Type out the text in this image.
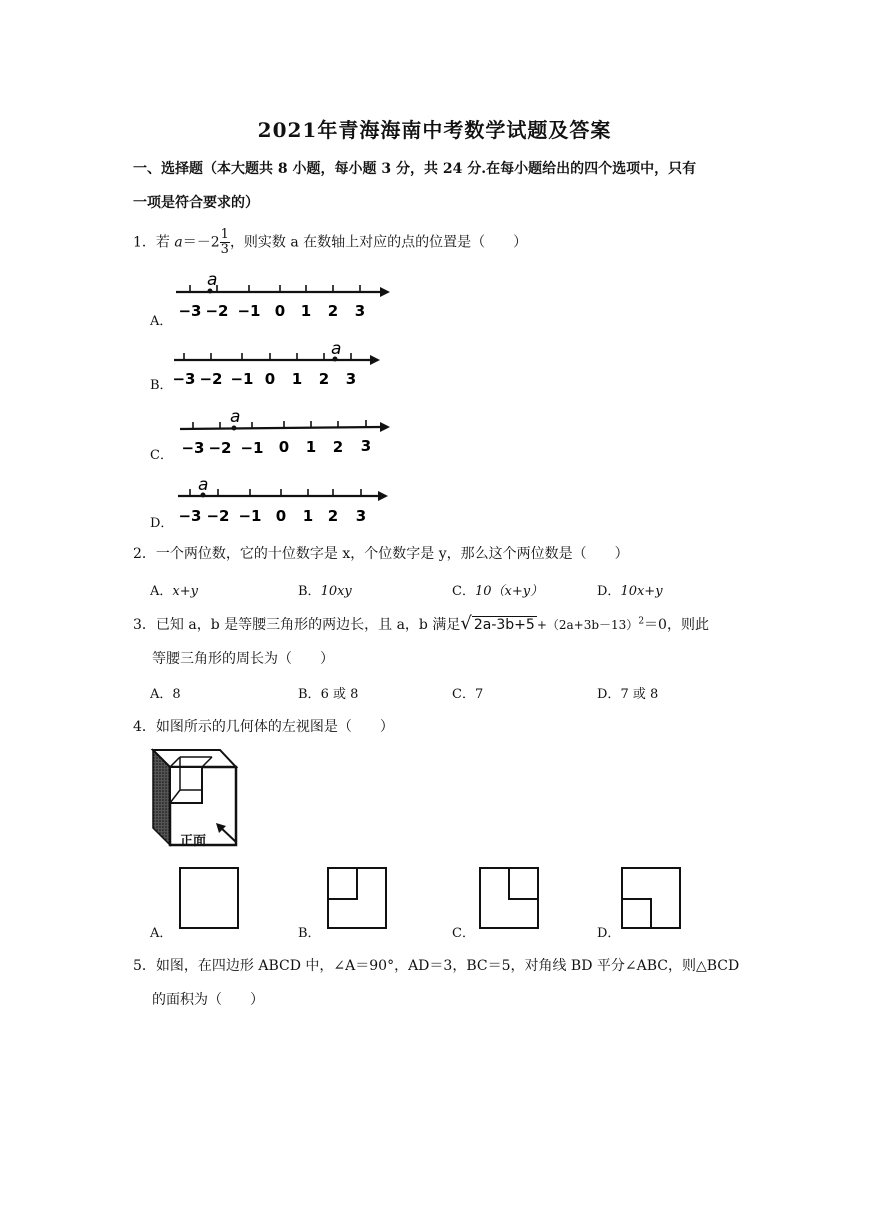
2021年青海海南中考数学试题及答案
一、选择题（本大题共 8 小题，每小题 3 分，共 24 分.在每小题给出的四个选项中，只有
一项是符合要求的）
1．若 $a=-2 \frac{1}{3}$ ，则实数 a 在数轴上对应的点的位置是（　　）
A．
a
−3 −2 −1 0 1 2 3
B．
a
−3 −2 −1 0 1 2 3
C．
a
−3 −2 −1 0 1 2 3
D．
a
−3 −2 −1 0 1 2 3
2．一个两位数，它的十位数字是 x，个位数字是 y，那么这个两位数是（　　）
A．x+y	B．10xy	C．10（x+y）	D．10x+y
3．已知 a，b 是等腰三角形的两边长，且 a，b 满足√ $2a-3b+5 +(2a+3b-13)^2=0$，则此
等腰三角形的周长为（　　）
A．8	B．6 或 8	C．7	D．7 或 8
4．如图所示的几何体的左视图是（　　）
正面
A．	B．	C．	D．
5．如图，在四边形 ABCD 中，∠A＝90°，AD＝3，BC＝5，对角线 BD 平分∠ABC，则△BCD
的面积为（　　）
